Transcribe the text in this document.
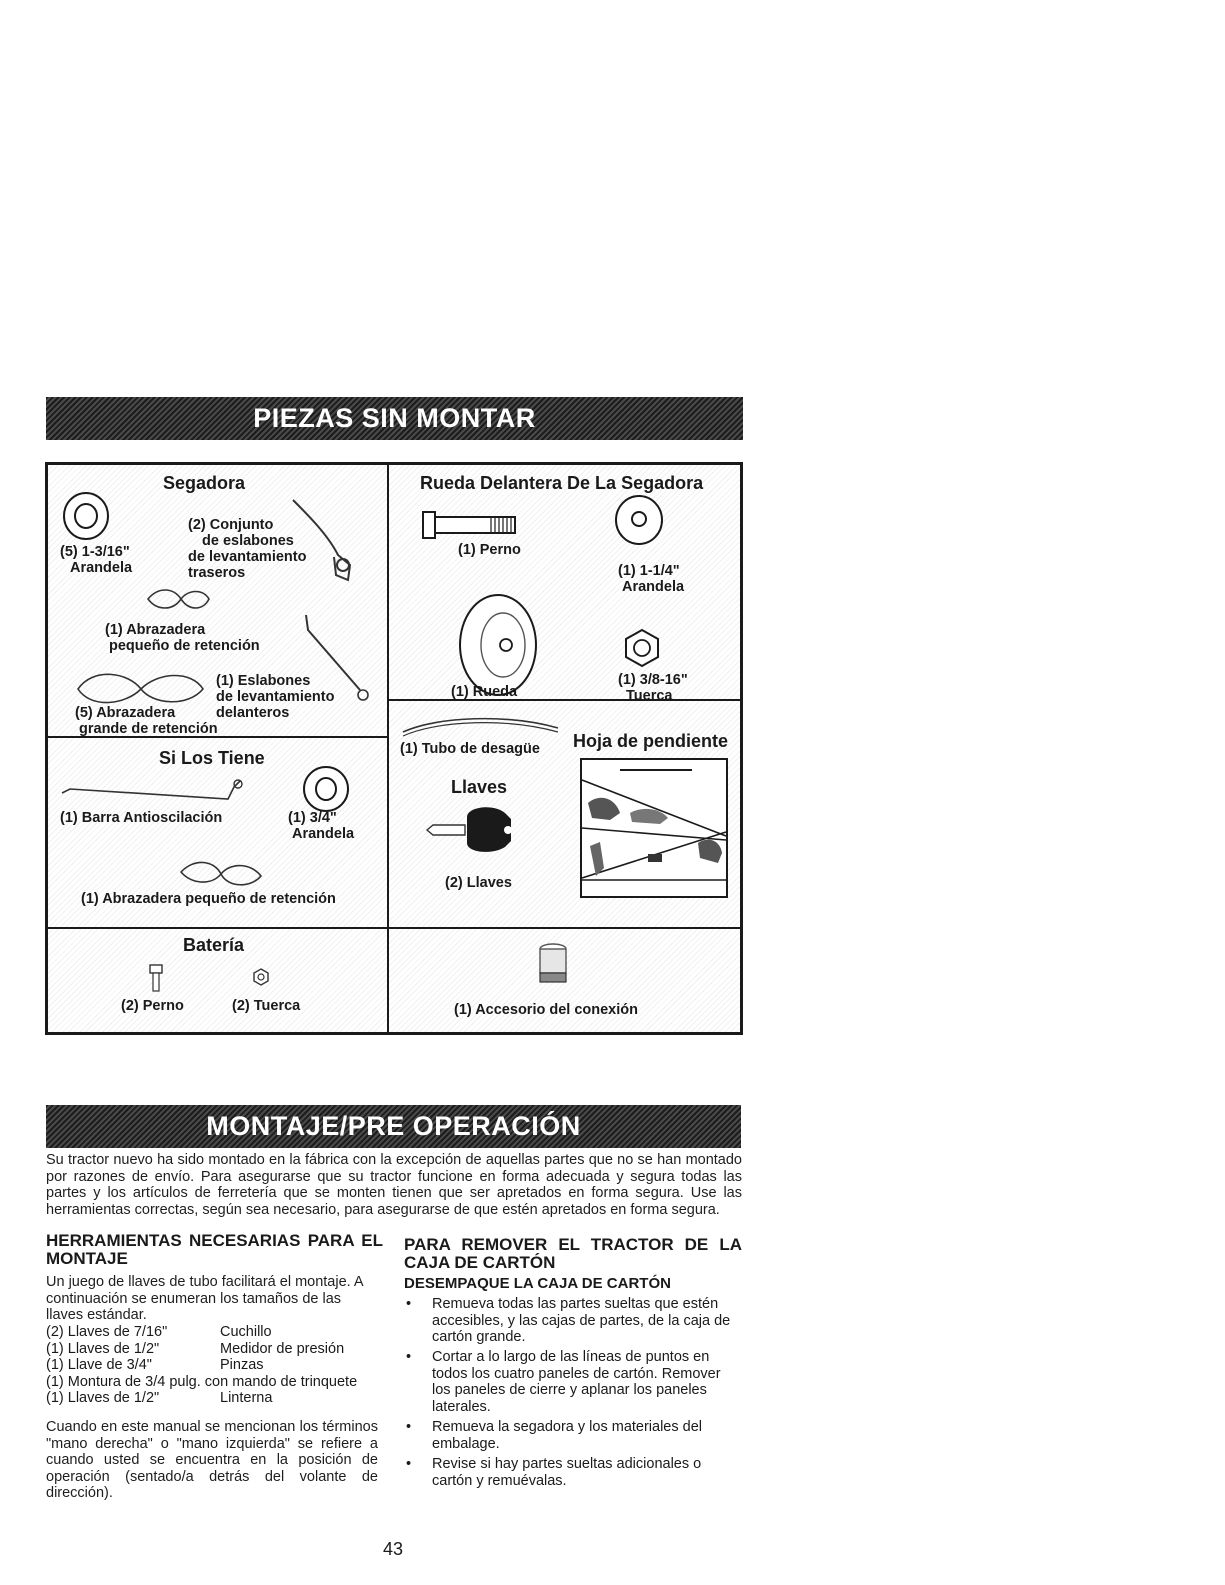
PIEZAS SIN MONTAR
Segadora
(5) 1-3/16"
Arandela
(2) Conjunto
de eslabones
de levantamiento
traseros
(1) Abrazadera
pequeño de retención
(1) Eslabones
de levantamiento
delanteros
(5) Abrazadera
grande de retención
Rueda Delantera De La Segadora
(1) Perno
(1) 1-1/4"
Arandela
(1) Rueda
(1) 3/8-16"
Tuerca
Si Los Tiene
(1) Barra Antioscilación	(1) 3/4"
Arandela
(1) Abrazadera pequeño de retención
(1) Tubo de desagüe Hoja de pendiente
Llaves
(2) Llaves
Batería
(2) Perno	(2) Tuerca	(1) Accesorio del conexión
MONTAJE/PRE OPERACIÓN
Su tractor nuevo ha sido montado en la fábrica con la excepción de aquellas partes que no se han montado por razones de envío. Para asegurarse que su tractor funcione en forma adecuada y segura todas las partes y los artículos de ferretería que se monten tienen que ser apretados en forma segura. Use las herramientas correctas, según sea necesario, para asegurarse de que estén apretados en forma segura.
HERRAMIENTAS NECESARIAS PARA EL MONTAJE
Un juego de llaves de tubo facilitará el montaje. A continuación se enumeran los tamaños de las llaves estándar.
(2) Llaves de 7/16"	Cuchillo
(1) Llaves de 1/2"	Medidor de presión
(1) Llave de 3/4"	Pinzas
(1) Montura de 3/4 pulg. con mando de trinquete	
(1) Llaves de 1/2"	Linterna
Cuando en este manual se mencionan los términos "mano derecha" o "mano izquierda" se refiere a cuando usted se encuentra en la posición de operación (sentado/a detrás del volante de dirección).
PARA REMOVER EL TRACTOR DE LA CAJA DE CARTÓN
DESEMPAQUE LA CAJA DE CARTÓN
• Remueva todas las partes sueltas que estén accesibles, y las cajas de partes, de la caja de cartón grande.
• Cortar a lo largo de las líneas de puntos en todos los cuatro paneles de cartón. Remover los paneles de cierre y aplanar los paneles laterales.
• Remueva la segadora y los materiales del embalage.
• Revise si hay partes sueltas adicionales o cartón y remuévalas.
43
